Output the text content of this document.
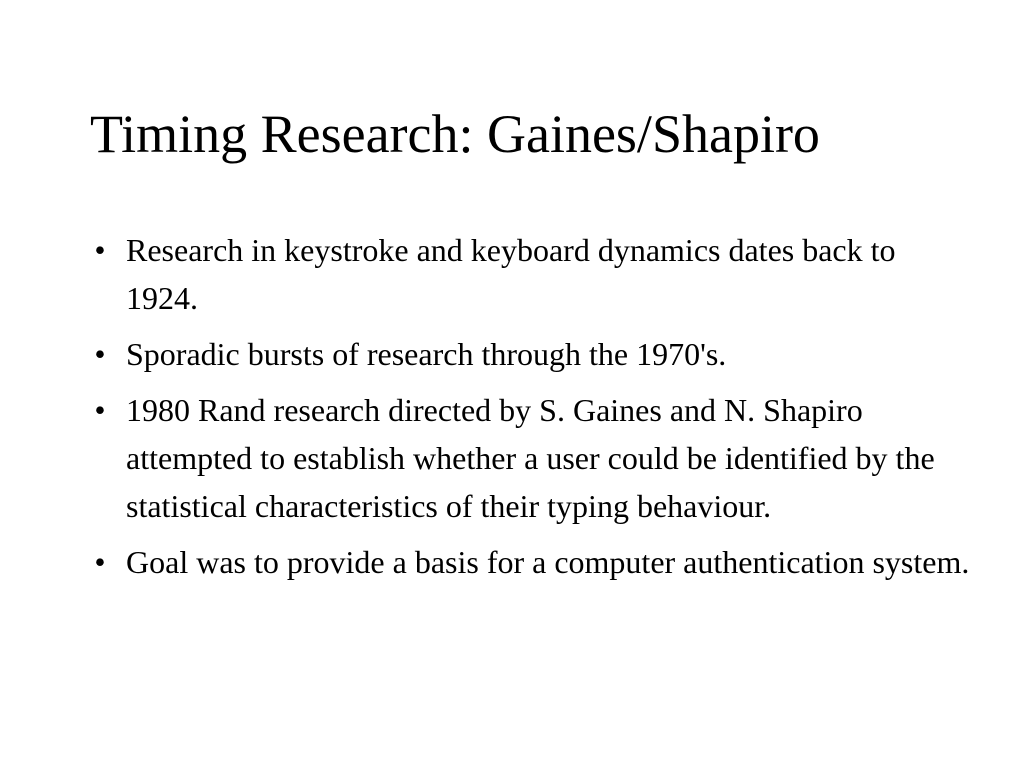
Timing Research: Gaines/Shapiro
• Research in keystroke and keyboard dynamics dates back to 1924.
• Sporadic bursts of research through the 1970's.
• 1980 Rand research directed by S. Gaines and N. Shapiro attempted to establish whether a user could be identified by the statistical characteristics of their typing behaviour.
• Goal was to provide a basis for a computer authentication system.
